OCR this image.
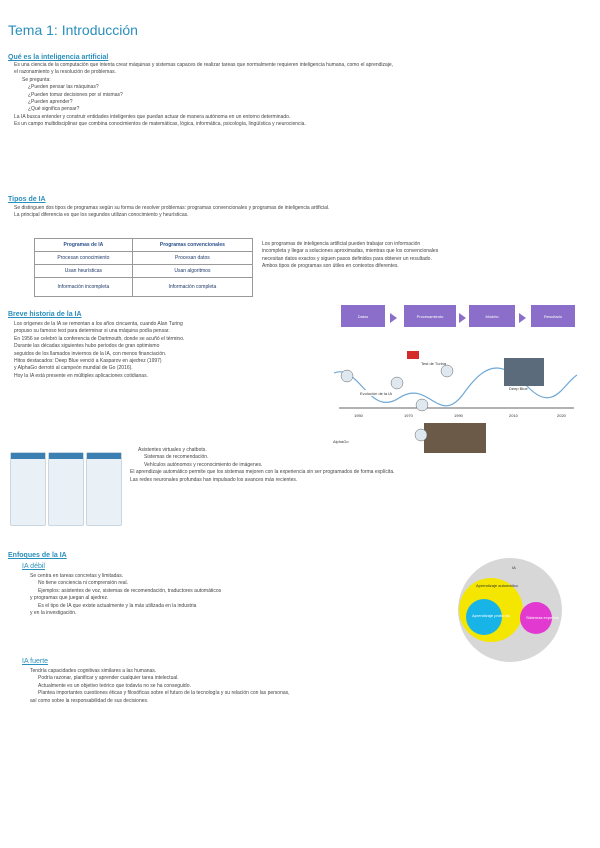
Tema 1: Introducción
Qué es la inteligencia artificial
Es una ciencia de la computación que intenta crear máquinas y sistemas capaces de realizar tareas que normalmente requieren inteligencia humana, como el aprendizaje,
el razonamiento y la resolución de problemas.
Se pregunta:
¿Pueden pensar las máquinas?
¿Pueden tomar decisiones por sí mismas?
¿Pueden aprender?
¿Qué significa pensar?
La IA busca entender y construir entidades inteligentes que puedan actuar de manera autónoma en un entorno determinado.
Es un campo multidisciplinar que combina conocimientos de matemáticas, lógica, informática, psicología, lingüística y neurociencia.
Tipos de IA
Se distinguen dos tipos de programas según su forma de resolver problemas: programas convencionales y programas de inteligencia artificial.
La principal diferencia es que los segundos utilizan conocimiento y heurísticas.
Programas de IA	Programas convencionales
Procesan conocimiento	Procesan datos
Usan heurísticas	Usan algoritmos
Información incompleta	Información completa
Los programas de inteligencia artificial pueden trabajar con información
incompleta y llegar a soluciones aproximadas, mientras que los convencionales
necesitan datos exactos y siguen pasos definidos para obtener un resultado.
Ambos tipos de programas son útiles en contextos diferentes.
Breve historia de la IA
Los orígenes de la IA se remontan a los años cincuenta, cuando Alan Turing
propuso su famoso test para determinar si una máquina podía pensar.
En 1956 se celebró la conferencia de Dartmouth, donde se acuñó el término.
Durante las décadas siguientes hubo periodos de gran optimismo
seguidos de los llamados inviernos de la IA, con menos financiación.
Hitos destacados: Deep Blue venció a Kasparov en ajedrez (1997)
y AlphaGo derrotó al campeón mundial de Go (2016).
Hoy la IA está presente en múltiples aplicaciones cotidianas.
Datos	Procesamiento	Modelo	Resultado
Test de Turing
1950	1970	1990	2010	2020
Evolución de la IA
Deep Blue
AlphaGo
Asistentes virtuales y chatbots.
Sistemas de recomendación.
Vehículos autónomos y reconocimiento de imágenes.
El aprendizaje automático permite que los sistemas mejoren con la experiencia sin ser programados de forma explícita.
Las redes neuronales profundas han impulsado los avances más recientes.
Enfoques de la IA
IA débil
Se centra en tareas concretas y limitadas.
No tiene conciencia ni comprensión real.
Ejemplos: asistentes de voz, sistemas de recomendación, traductores automáticos
y programas que juegan al ajedrez.
Es el tipo de IA que existe actualmente y la más utilizada en la industria
y en la investigación.
IA fuerte
Tendría capacidades cognitivas similares a las humanas.
Podría razonar, planificar y aprender cualquier tarea intelectual.
Actualmente es un objetivo teórico que todavía no se ha conseguido.
Plantea importantes cuestiones éticas y filosóficas sobre el futuro de la tecnología y su relación con las personas,
así como sobre la responsabilidad de sus decisiones.
IA
Aprendizaje automático
Aprendizaje profundo	Sistemas expertos
